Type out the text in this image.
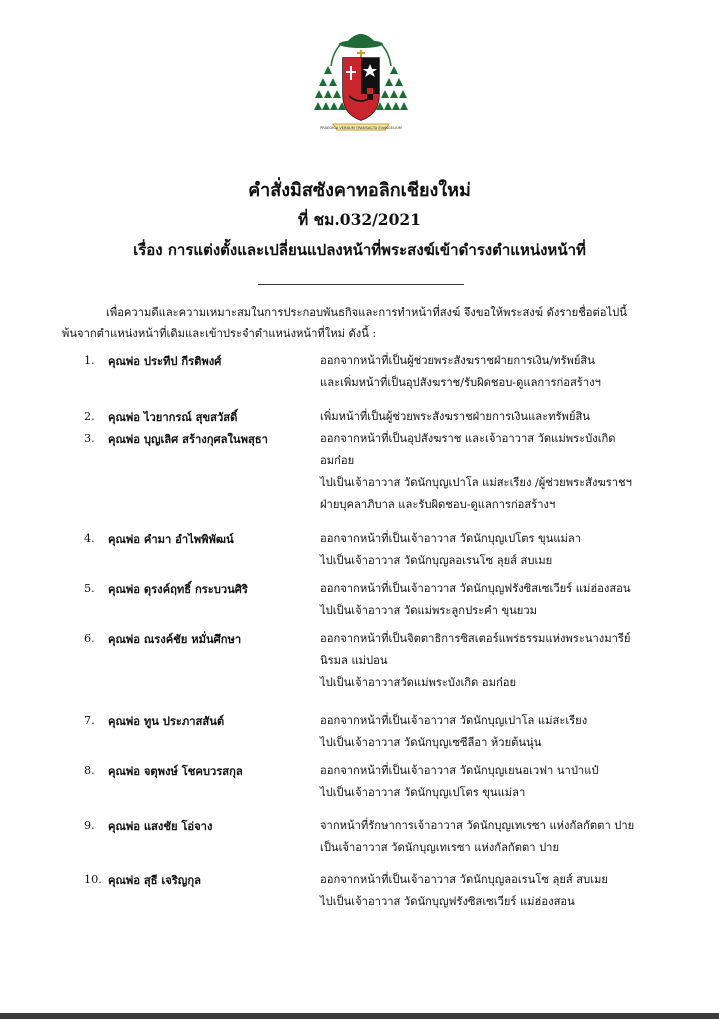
PRAEDICA VERBUM TRANSACTA EVANGELIUM
คำสั่งมิสซังคาทอลิกเชียงใหม่
ที่ ชม.032/2021
เรื่อง การแต่งตั้งและเปลี่ยนแปลงหน้าที่พระสงฆ์เข้าดำรงตำแหน่งหน้าที่
เพื่อความดีและความเหมาะสมในการประกอบพันธกิจและการทำหน้าที่สงฆ์ จึงขอให้พระสงฆ์ ดังรายชื่อต่อไปนี้
พ้นจากตำแหน่งหน้าที่เดิมและเข้าประจำตำแหน่งหน้าที่ใหม่ ดังนี้ :
1.	คุณพ่อ ประทีป กีรติพงศ์	ออกจากหน้าที่เป็นผู้ช่วยพระสังฆราชฝ่ายการเงิน/ทรัพย์สิน
และเพิ่มหน้าที่เป็นอุปสังฆราช/รับผิดชอบ-ดูแลการก่อสร้างฯ
2.	คุณพ่อ ไวยากรณ์ สุขสวัสดิ์	เพิ่มหน้าที่เป็นผู้ช่วยพระสังฆราชฝ่ายการเงินและทรัพย์สิน
3.	คุณพ่อ บุญเลิศ สร้างกุศลในพสุธา	ออกจากหน้าที่เป็นอุปสังฆราช และเจ้าอาวาส วัดแม่พระบังเกิด
อมก๋อย
ไปเป็นเจ้าอาวาส วัดนักบุญเปาโล แม่สะเรียง /ผู้ช่วยพระสังฆราชฯ
ฝ่ายบุคลาภิบาล และรับผิดชอบ-ดูแลการก่อสร้างฯ
4.	คุณพ่อ คำมา อำไพพิพัฒน์	ออกจากหน้าที่เป็นเจ้าอาวาส วัดนักบุญเปโตร ขุนแม่ลา
ไปเป็นเจ้าอาวาส วัดนักบุญลอเรนโซ ลุยส์ สบเมย
5.	คุณพ่อ ดุรงค์ฤทธิ์ กระบวนศิริ	ออกจากหน้าที่เป็นเจ้าอาวาส วัดนักบุญฟรังซิสเซเวียร์ แม่ฮ่องสอน
ไปเป็นเจ้าอาวาส วัดแม่พระลูกประคำ ขุนยวม
6.	คุณพ่อ ณรงค์ชัย หมั่นศึกษา	ออกจากหน้าที่เป็นจิตตาธิการซิสเตอร์แพร่ธรรมแห่งพระนางมารีย์
นิรมล แม่ปอน
ไปเป็นเจ้าอาวาสวัดแม่พระบังเกิด อมก๋อย
7.	คุณพ่อ ทูน ประภาสสันต์	ออกจากหน้าที่เป็นเจ้าอาวาส วัดนักบุญเปาโล แม่สะเรียง
ไปเป็นเจ้าอาวาส วัดนักบุญเซซีลีอา ห้วยต้นนุ่น
8.	คุณพ่อ จตุพงษ์ โชคบวรสกุล	ออกจากหน้าที่เป็นเจ้าอาวาส วัดนักบุญเยนอเวฟา นาป่าแป๋
ไปเป็นเจ้าอาวาส วัดนักบุญเปโตร ขุนแม่ลา
9.	คุณพ่อ แสงชัย โอ่จาง	จากหน้าที่รักษาการเจ้าอาวาส วัดนักบุญเทเรซา แห่งกัลกัตตา ปาย
เป็นเจ้าอาวาส วัดนักบุญเทเรซา แห่งกัลกัตตา ปาย
10. คุณพ่อ สุธี เจริญกุล	ออกจากหน้าที่เป็นเจ้าอาวาส วัดนักบุญลอเรนโซ ลุยส์ สบเมย
ไปเป็นเจ้าอาวาส วัดนักบุญฟรังซิสเซเวียร์ แม่ฮ่องสอน
